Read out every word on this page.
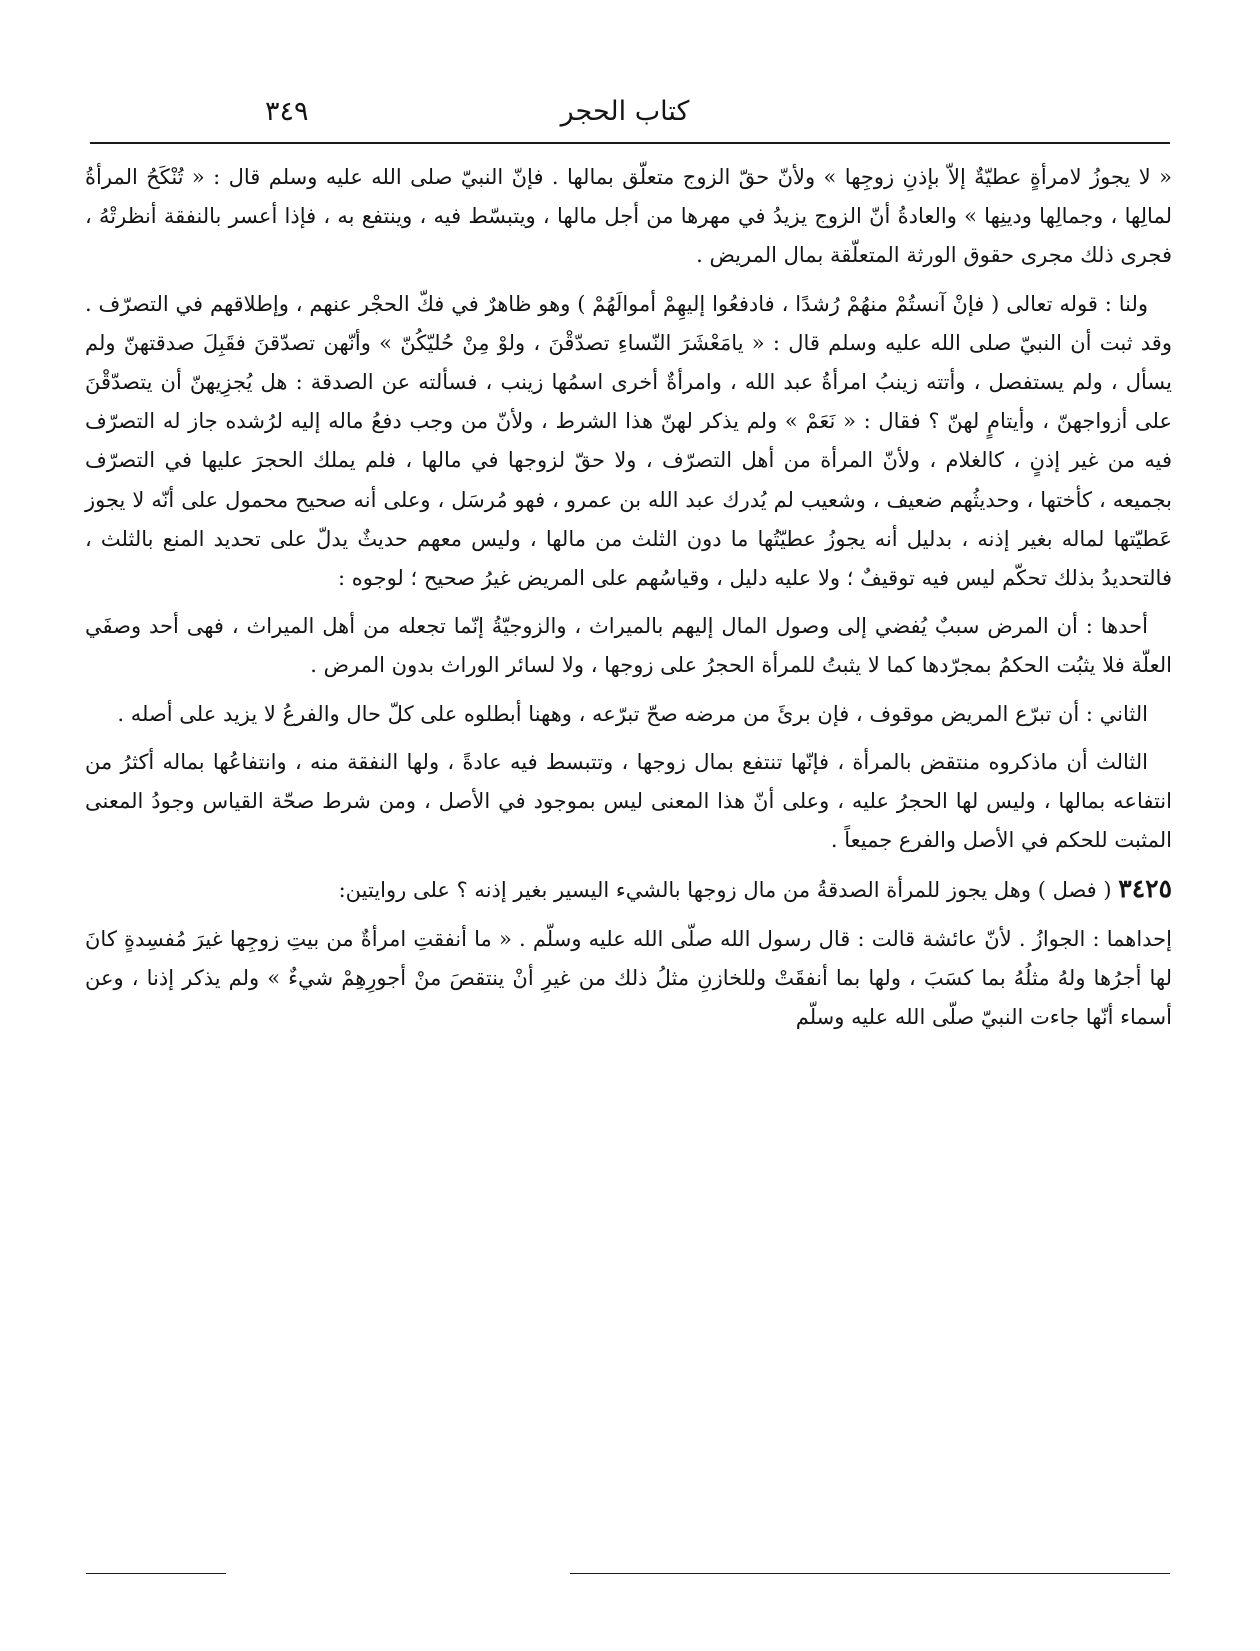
كتاب الحجر
٣٤٩

« لا يجوزُ لامرأةٍ عطيّةٌ إلاّ بإذنِ زوجِها » ولأنّ حقّ الزوج متعلّق بمالها . فإنّ النبيّ صلى الله عليه وسلم قال : « تُنْكَحُ المرأةُ لمالِها ، وجمالِها ودينِها » والعادةُ أنّ الزوج يزيدُ في مهرها من أجل مالها ، ويتبسّط فيه ، وينتفع به ، فإذا أعسر بالنفقة أنظرتْهُ ، فجرى ذلك مجرى حقوق الورثة المتعلّقة بمال المريض .

ولنا : قوله تعالى ( فإنْ آنستُمْ منهُمْ رُشدًا ، فادفعُوا إليهِمْ أموالَهُمْ ) وهو ظاهرٌ في فكّ الحجْر عنهم ، وإطلاقهم في التصرّف . وقد ثبت أن النبيّ صلى الله عليه وسلم قال : « يامَعْشَرَ النّساءِ تصدّقْنَ ، ولوْ مِنْ حُليّكُنّ » وأنّهن تصدّقنَ فقَبِلَ صدقتهنّ ولم يسأل ، ولم يستفصل ، وأتته زينبُ امرأةُ عبد الله ، وامرأةٌ أخرى اسمُها زينب ، فسألته عن الصدقة : هل يُجزِيهنّ أن يتصدّقْنَ على أزواجهنّ ، وأيتامٍ لهنّ ؟ فقال : « نَعَمْ » ولم يذكر لهنّ هذا الشرط ، ولأنّ من وجب دفعُ ماله إليه لرُشده جاز له التصرّف فيه من غير إذنٍ ، كالغلام ، ولأنّ المرأة من أهل التصرّف ، ولا حقّ لزوجها في مالها ، فلم يملك الحجرَ عليها في التصرّف بجميعه ، كأختها ، وحديثُهم ضعيف ، وشعيب لم يُدرك عبد الله بن عمرو ، فهو مُرسَل ، وعلى أنه صحيح محمول على أنّه لا يجوز عَطيّتها لماله بغير إذنه ، بدليل أنه يجوزُ عطيّتُها ما دون الثلث من مالها ، وليس معهم حديثٌ يدلّ على تحديد المنع بالثلث ، فالتحديدُ بذلك تحكّم ليس فيه توقيفٌ ؛ ولا عليه دليل ، وقياسُهم على المريض غيرُ صحيح ؛ لوجوه :

أحدها : أن المرض سببٌ يُفضي إلى وصول المال إليهم بالميراث ، والزوجيّةُ إنّما تجعله من أهل الميراث ، فهى أحد وصفَي العلّة فلا يثبُت الحكمُ بمجرّدها كما لا يثبتُ للمرأة الحجرُ على زوجها ، ولا لسائر الوراث بدون المرض .

الثاني : أن تبرّع المريض موقوف ، فإن برئَ من مرضه صحّ تبرّعه ، وههنا أبطلوه على كلّ حال والفرعُ لا يزيد على أصله .

الثالث أن ماذكروه منتقض بالمرأة ، فإنّها تنتفع بمال زوجها ، وتتبسط فيه عادةً ، ولها النفقة منه ، وانتفاعُها بماله أكثرُ من انتفاعه بمالها ، وليس لها الحجرُ عليه ، وعلى أنّ هذا المعنى ليس بموجود في الأصل ، ومن شرط صحّة القياس وجودُ المعنى المثبت للحكم في الأصل والفرع جميعاً .

٣٤٢٥ ( فصل ) وهل يجوز للمرأة الصدقةُ من مال زوجها بالشيء اليسير بغير إذنه ؟ على روايتين:

إحداهما : الجوازُ . لأنّ عائشة قالت : قال رسول الله صلّى الله عليه وسلّم . « ما أنفقتِ امرأةٌ من بيتِ زوجِها غيرَ مُفسِدةٍ كانَ لها أجرُها ولهُ مثلُهُ بما كسَبَ ، ولها بما أنفقَتْ وللخازنِ مثلُ ذلك من غيرِ أنْ ينتقصَ منْ أجورِهِمْ شيءٌ » ولم يذكر إذنا ، وعن أسماء أنّها جاءت النبيّ صلّى الله عليه وسلّم
